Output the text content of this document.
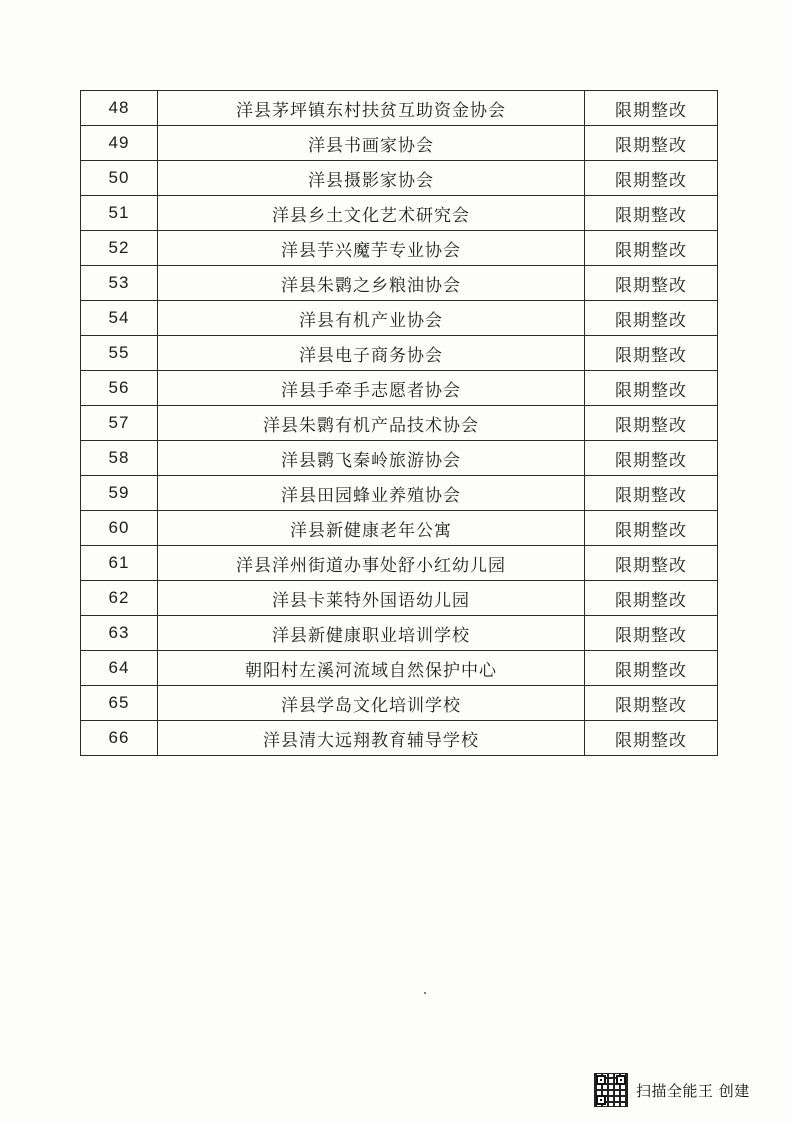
48	洋县茅坪镇东村扶贫互助资金协会	限期整改
49	洋县书画家协会	限期整改
50	洋县摄影家协会	限期整改
51	洋县乡土文化艺术研究会	限期整改
52	洋县芋兴魔芋专业协会	限期整改
53	洋县朱鹮之乡粮油协会	限期整改
54	洋县有机产业协会	限期整改
55	洋县电子商务协会	限期整改
56	洋县手牵手志愿者协会	限期整改
57	洋县朱鹮有机产品技术协会	限期整改
58	洋县鹮飞秦岭旅游协会	限期整改
59	洋县田园蜂业养殖协会	限期整改
60	洋县新健康老年公寓	限期整改
61	洋县洋州街道办事处舒小红幼儿园	限期整改
62	洋县卡莱特外国语幼儿园	限期整改
63	洋县新健康职业培训学校	限期整改
64	朝阳村左溪河流域自然保护中心	限期整改
65	洋县学岛文化培训学校	限期整改
66	洋县清大远翔教育辅导学校	限期整改
扫描全能王 创建
